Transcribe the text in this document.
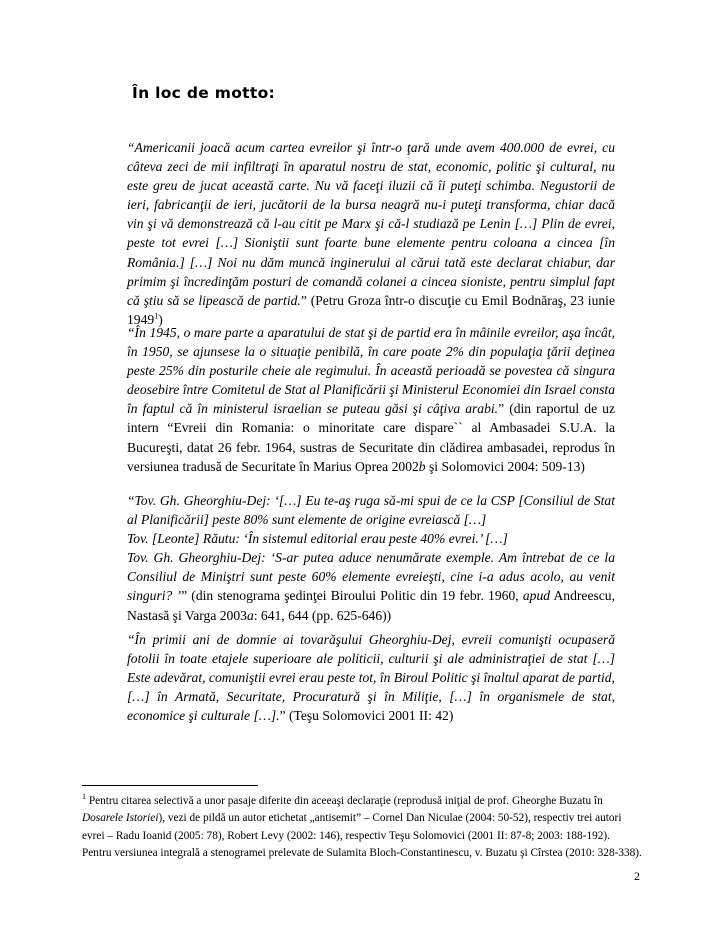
În loc de motto:
“Americanii joacă acum cartea evreilor şi într-o ţară unde avem 400.000 de evrei, cu câteva zeci de mii infiltraţi în aparatul nostru de stat, economic, politic şi cultural, nu este greu de jucat această carte. Nu vă faceţi iluzii că îi puteţi schimba. Negustorii de ieri, fabricanţii de ieri, jucătorii de la bursa neagră nu-i puteţi transforma, chiar dacă vin şi vă demonstrează că l-au citit pe Marx şi că-l studiază pe Lenin […] Plin de evrei, peste tot evrei […] Sioniştii sunt foarte bune elemente pentru coloana a cincea [în România.] […] Noi nu dăm muncă inginerului al cărui tată este declarat chiabur, dar primim şi încredinţăm posturi de comandă colanei a cincea sioniste, pentru simplul fapt că ştiu să se lipească de partid.” (Petru Groza într-o discuţie cu Emil Bodnăraş, 23 iunie 1949$^1$)
“În 1945, o mare parte a aparatului de stat şi de partid era în mâinile evreilor, aşa încât, în 1950, se ajunsese la o situaţie penibilă, în care poate 2% din populaţia ţării deţinea peste 25% din posturile cheie ale regimului. În această perioadă se povestea că singura deosebire între Comitetul de Stat al Planificării şi Ministerul Economiei din Israel consta în faptul că în ministerul israelian se puteau găsi şi câţiva arabi.” (din raportul de uz intern “Evreii din Romania: o minoritate care dispare`` al Ambasadei S.U.A. la Bucureşti, datat 26 febr. 1964, sustras de Securitate din clădirea ambasadei, reprodus în versiunea tradusă de Securitate în Marius Oprea 2002b şi Solomovici 2004: 509-13)
“Tov. Gh. Gheorghiu-Dej: ‘[…] Eu te-aş ruga să-mi spui de ce la CSP [Consiliul de Stat al Planificării] peste 80% sunt elemente de origine evreiască […]
Tov. [Leonte] Răutu: ‘În sistemul editorial erau peste 40% evrei.’ […]
Tov. Gh. Gheorghiu-Dej: ‘S-ar putea aduce nenumărate exemple. Am întrebat de ce la Consiliul de Miniştri sunt peste 60% elemente evreieşti, cine i-a adus acolo, au venit singuri? ’” (din stenograma şedinţei Biroului Politic din 19 febr. 1960, apud Andreescu, Nastasă şi Varga 2003a: 641, 644 (pp. 625-646))
“În primii ani de domnie ai tovarăşului Gheorghiu-Dej, evreii comunişti ocupaseră fotolii în toate etajele superioare ale politicii, culturii şi ale administraţiei de stat […] Este adevărat, comuniştii evrei erau peste tot, în Biroul Politic şi înaltul aparat de partid, […] în Armată, Securitate, Procuratură şi în Miliţie, […] în organismele de stat, economice şi culturale […].” (Teşu Solomovici 2001 II: 42)
$^1$ Pentru citarea selectivă a unor pasaje diferite din aceeaşi declaraţie (reprodusă iniţial de prof. Gheorghe Buzatu în Dosarele Istoriei), vezi de pildă un autor etichetat „antisemit” – Cornel Dan Niculae (2004: 50-52), respectiv trei autori evrei – Radu Ioanid (2005: 78), Robert Levy (2002: 146), respectiv Teşu Solomovici (2001 II: 87-8; 2003: 188-192). Pentru versiunea integrală a stenogramei prelevate de Sulamita Bloch-Constantinescu, v. Buzatu şi Cîrstea (2010: 328-338).
2
